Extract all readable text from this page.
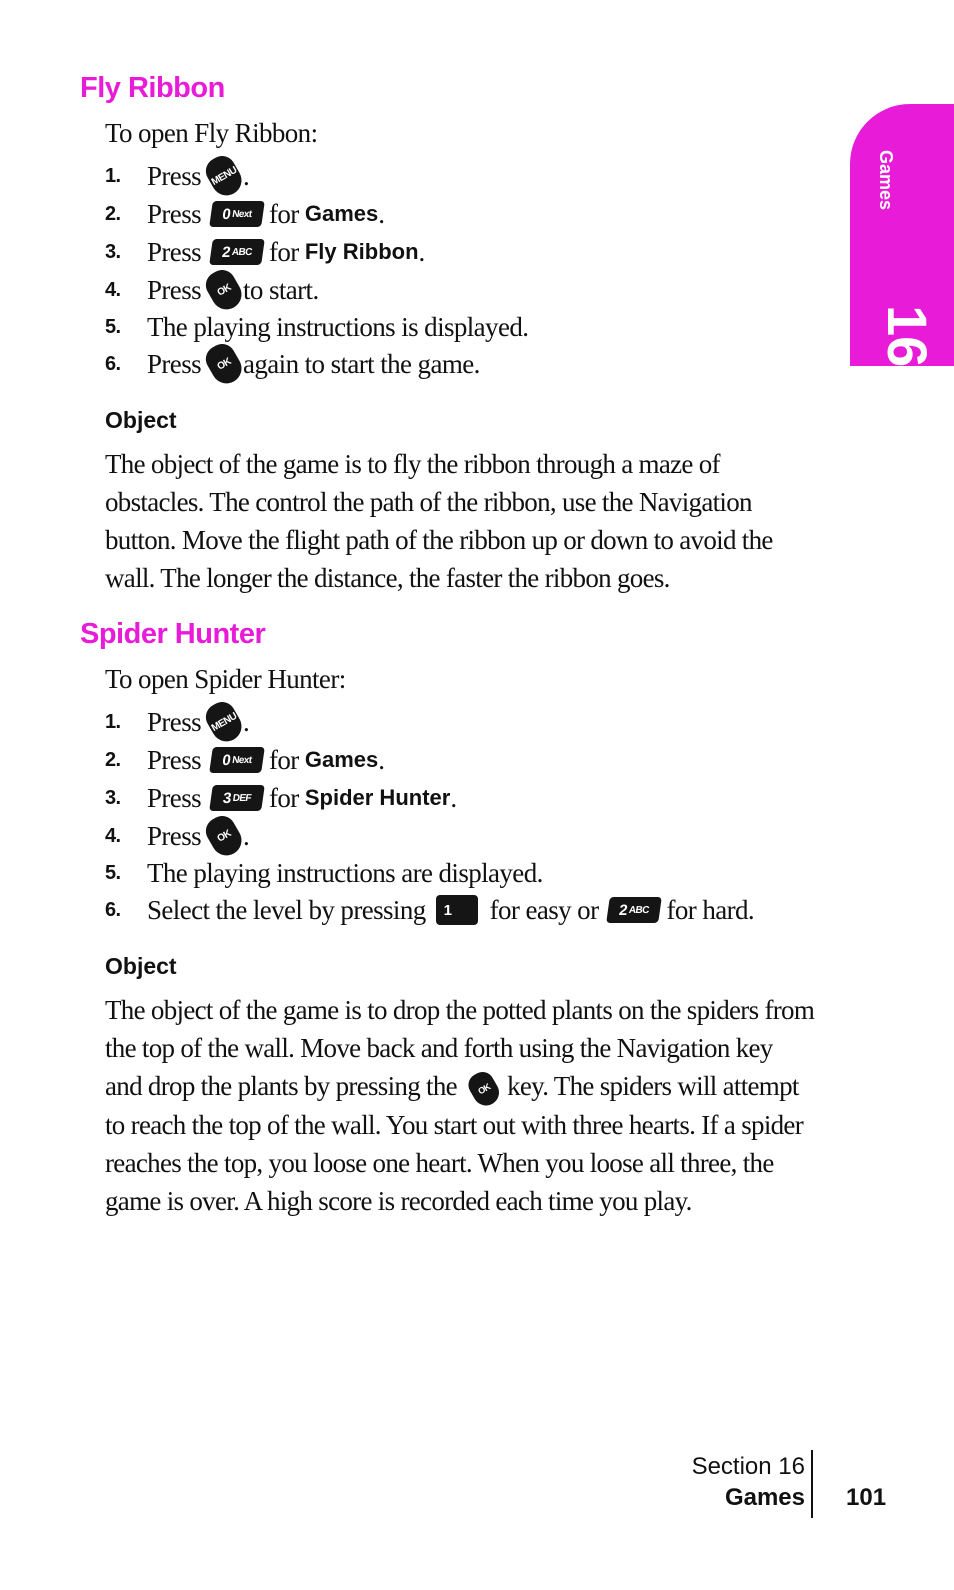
Games
16
Fly Ribbon
To open Fly Ribbon:
1. Press MENU .
2. Press 0 Next for
Games .
3. Press 2 ABC for
Fly Ribbon .
4. Press	OK to start.
5. The playing instructions is displayed.
6. Press	OK again to start the game.
Object

The object of the game is to fly the ribbon through a maze of obstacles. The control the path of the ribbon, use the Navigation button. Move the flight path of the ribbon up or down to avoid the wall. The longer the distance, the faster the ribbon goes.

Spider Hunter
To open Spider Hunter:
1. Press MENU .
2. Press 0 Next for
Games .
3. Press 3 DEF for
Spider Hunter .
4. Press	OK .
5. The playing instructions are displayed.
6. Select the level by pressing	1	for easy or 2 ABC for hard.
Object

The object of the game is to drop the potted plants on the spiders from the top of the wall. Move back and forth using the Navigation key and drop the plants by pressing the OK key. The spiders will attempt to reach the top of the wall. You start out with three hearts. If a spider reaches the top, you loose one heart. When you loose all three, the game is over. A high score is recorded each time you play.

Section 16
Games 101
